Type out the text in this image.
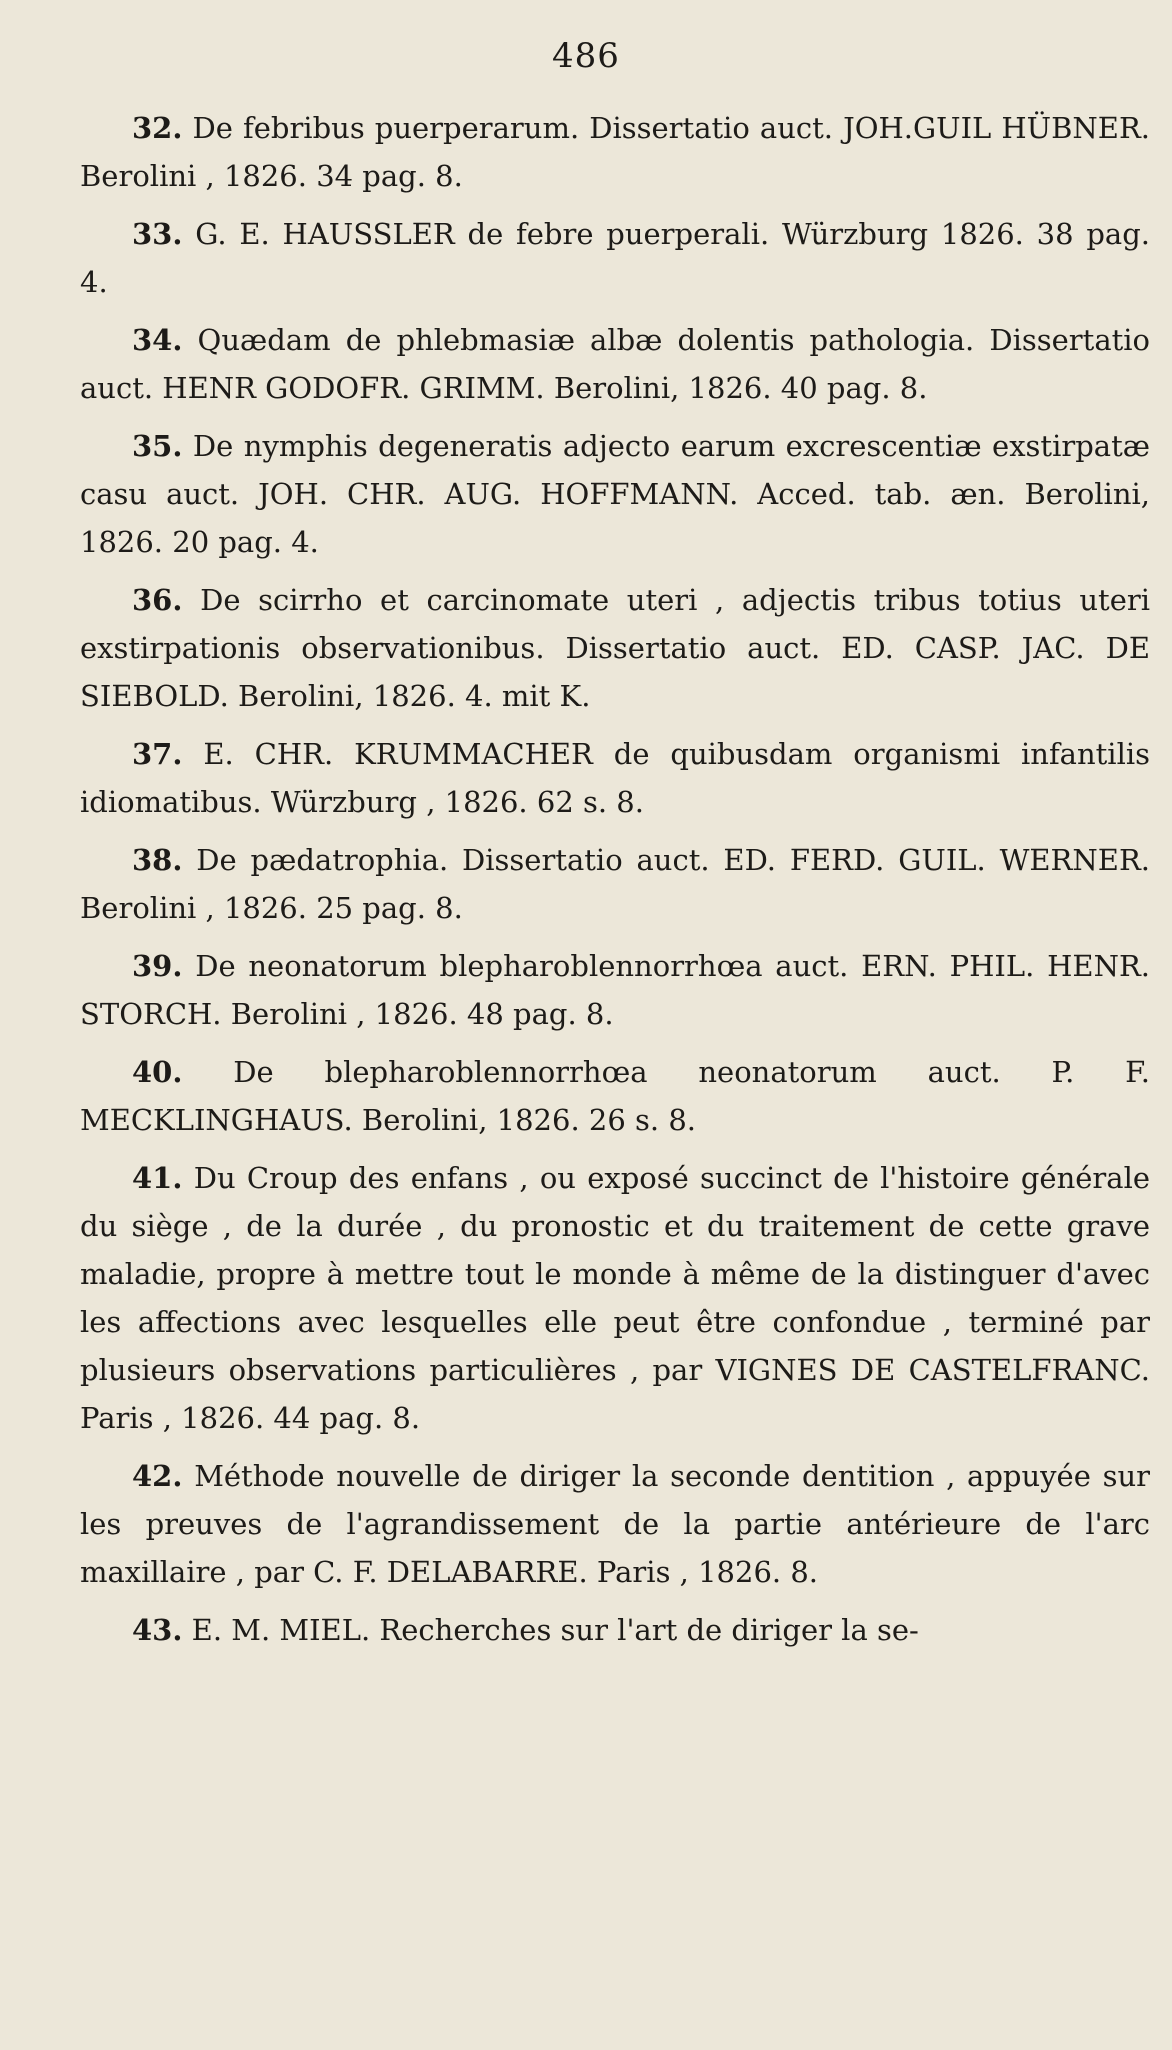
486

32. De febribus puerperarum. Dissertatio auct. JOH.GUIL HÜBNER. Berolini , 1826. 34 pag. 8.

33. G. E. HAUSSLER de febre puerperali. Würzburg 1826. 38 pag. 4.

34. Quædam de phlebmasiæ albæ dolentis pathologia. Dissertatio auct. HENR GODOFR. GRIMM. Berolini, 1826. 40 pag. 8.

35. De nymphis degeneratis adjecto earum excrescentiæ exstirpatæ casu auct. JOH. CHR. AUG. HOFFMANN. Acced. tab. æn. Berolini, 1826. 20 pag. 4.

36. De scirrho et carcinomate uteri , adjectis tribus totius uteri exstirpationis observationibus. Dissertatio auct. ED. CASP. JAC. DE SIEBOLD. Berolini, 1826. 4. mit K.

37. E. CHR. KRUMMACHER de quibusdam organismi infantilis idiomatibus. Würzburg , 1826. 62 s. 8.

38. De pædatrophia. Dissertatio auct. ED. FERD. GUIL. WERNER. Berolini , 1826. 25 pag. 8.

39. De neonatorum blepharoblennorrhœa auct. ERN. PHIL. HENR. STORCH. Berolini , 1826. 48 pag. 8.

40. De blepharoblennorrhœa neonatorum auct. P. F. MECKLINGHAUS. Berolini, 1826. 26 s. 8.

41. Du Croup des enfans , ou exposé succinct de l'histoire générale du siège , de la durée , du pronostic et du traitement de cette grave maladie, propre à mettre tout le monde à même de la distinguer d'avec les affections avec lesquelles elle peut être confondue , terminé par plusieurs observations particulières , par VIGNES DE CASTELFRANC. Paris , 1826. 44 pag. 8.

42. Méthode nouvelle de diriger la seconde dentition , appuyée sur les preuves de l'agrandissement de la partie antérieure de l'arc maxillaire , par C. F. DELABARRE. Paris , 1826. 8.

43. E. M. MIEL. Recherches sur l'art de diriger la se-
